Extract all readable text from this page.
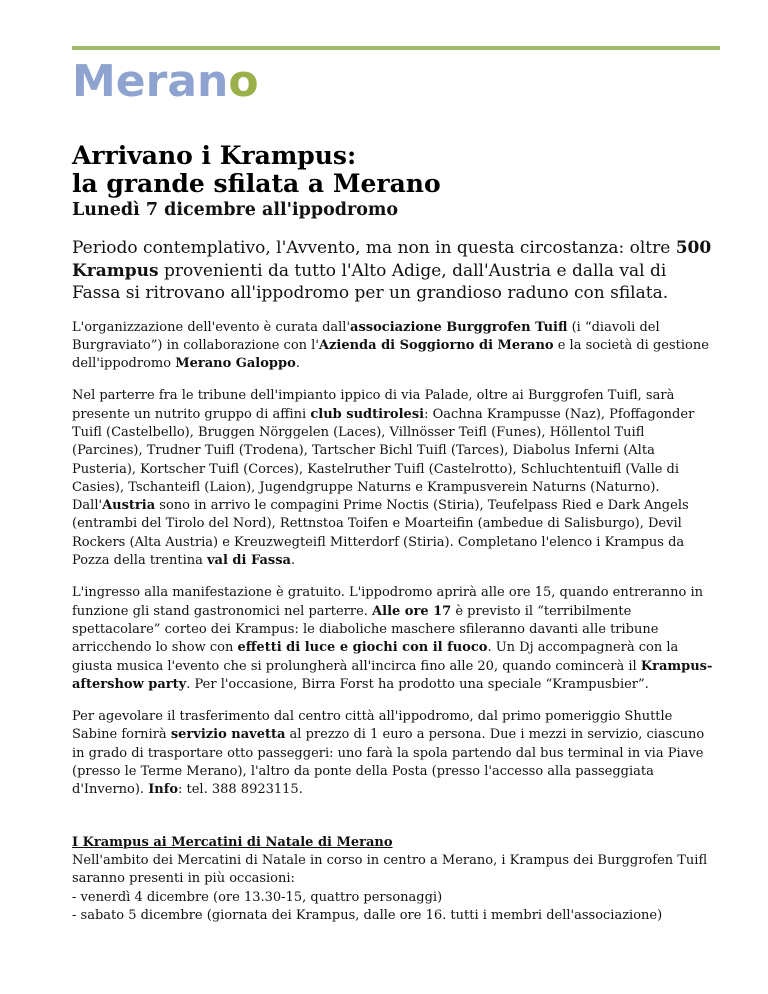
Merano
Arrivano i Krampus:
la grande sfilata a Merano
Lunedì 7 dicembre all'ippodromo

Periodo contemplativo, l'Avvento, ma non in questa circostanza: oltre 500 Krampus provenienti da tutto l'Alto Adige, dall'Austria e dalla val di Fassa si ritrovano all'ippodromo per un grandioso raduno con sfilata.

L'organizzazione dell'evento è curata dall'associazione Burggrofen Tuifl (i “diavoli del Burgraviato”) in collaborazione con l'Azienda di Soggiorno di Merano e la società di gestione dell'ippodromo Merano Galoppo.

Nel parterre fra le tribune dell'impianto ippico di via Palade, oltre ai Burggrofen Tuifl, sarà presente un nutrito gruppo di affini club sudtirolesi: Oachna Krampusse (Naz), Pfoffagonder Tuifl (Castelbello), Bruggen Nörggelen (Laces), Villnösser Teifl (Funes), Höllentol Tuifl (Parcines), Trudner Tuifl (Trodena), Tartscher Bichl Tuifl (Tarces), Diabolus Inferni (Alta Pusteria), Kortscher Tuifl (Corces), Kastelruther Tuifl (Castelrotto), Schluchtentuifl (Valle di Casies), Tschanteifl (Laion), Jugendgruppe Naturns e Krampusverein Naturns (Naturno). Dall'Austria sono in arrivo le compagini Prime Noctis (Stiria), Teufelpass Ried e Dark Angels (entrambi del Tirolo del Nord), Rettnstoa Toifen e Moarteifin (ambedue di Salisburgo), Devil Rockers (Alta Austria) e Kreuzwegteifl Mitterdorf (Stiria). Completano l'elenco i Krampus da Pozza della trentina val di Fassa.

L'ingresso alla manifestazione è gratuito. L'ippodromo aprirà alle ore 15, quando entreranno in funzione gli stand gastronomici nel parterre. Alle ore 17 è previsto il “terribilmente spettacolare” corteo dei Krampus: le diaboliche maschere sfileranno davanti alle tribune arricchendo lo show con effetti di luce e giochi con il fuoco. Un Dj accompagnerà con la giusta musica l'evento che si prolungherà all'incirca fino alle 20, quando comincerà il Krampus-aftershow party. Per l'occasione, Birra Forst ha prodotto una speciale “Krampusbier”.

Per agevolare il trasferimento dal centro città all'ippodromo, dal primo pomeriggio Shuttle Sabine fornirà servizio navetta al prezzo di 1 euro a persona. Due i mezzi in servizio, ciascuno in grado di trasportare otto passeggeri: uno farà la spola partendo dal bus terminal in via Piave (presso le Terme Merano), l'altro da ponte della Posta (presso l'accesso alla passeggiata d'Inverno). Info: tel. 388 8923115.

I Krampus ai Mercatini di Natale di Merano

Nell'ambito dei Mercatini di Natale in corso in centro a Merano, i Krampus dei Burggrofen Tuifl saranno presenti in più occasioni:

- venerdì 4 dicembre (ore 13.30-15, quattro personaggi)

- sabato 5 dicembre (giornata dei Krampus, dalle ore 16. tutti i membri dell'associazione)
